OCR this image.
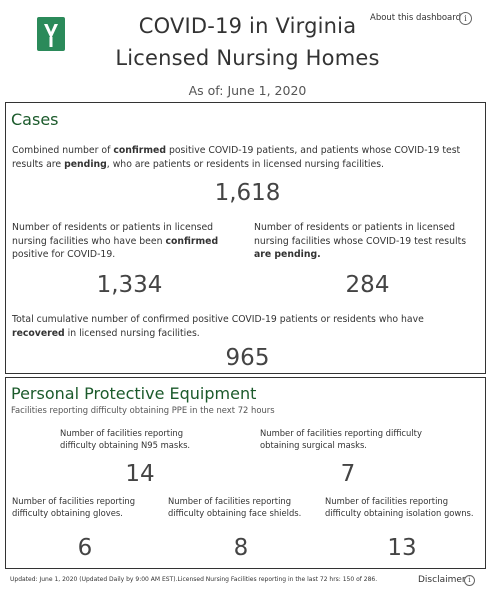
COVID-19 in Virginia
Licensed Nursing Homes
As of: June 1, 2020
About this dashboard i
Cases
Combined number of confirmed positive COVID-19 patients, and patients whose COVID-19 test results are pending, who are patients or residents in licensed nursing facilities.
1,618
Number of residents or patients in licensed nursing facilities who have been confirmed positive for COVID-19.
1,334
Number of residents or patients in licensed nursing facilities whose COVID-19 test results are pending.
284
Total cumulative number of confirmed positive COVID-19 patients or residents who have recovered in licensed nursing facilities.
965
Personal Protective Equipment
Facilities reporting difficulty obtaining PPE in the next 72 hours
Number of facilities reporting difficulty obtaining N95 masks.
14
Number of facilities reporting difficulty obtaining surgical masks.
7
Number of facilities reporting difficulty obtaining gloves.
6
Number of facilities reporting difficulty obtaining face shields.
8
Number of facilities reporting difficulty obtaining isolation gowns.
13
Updated: June 1, 2020 (Updated Daily by 9:00 AM EST).Licensed Nursing Facilities reporting in the last 72 hrs: 150 of 286.	Disclaimer i
